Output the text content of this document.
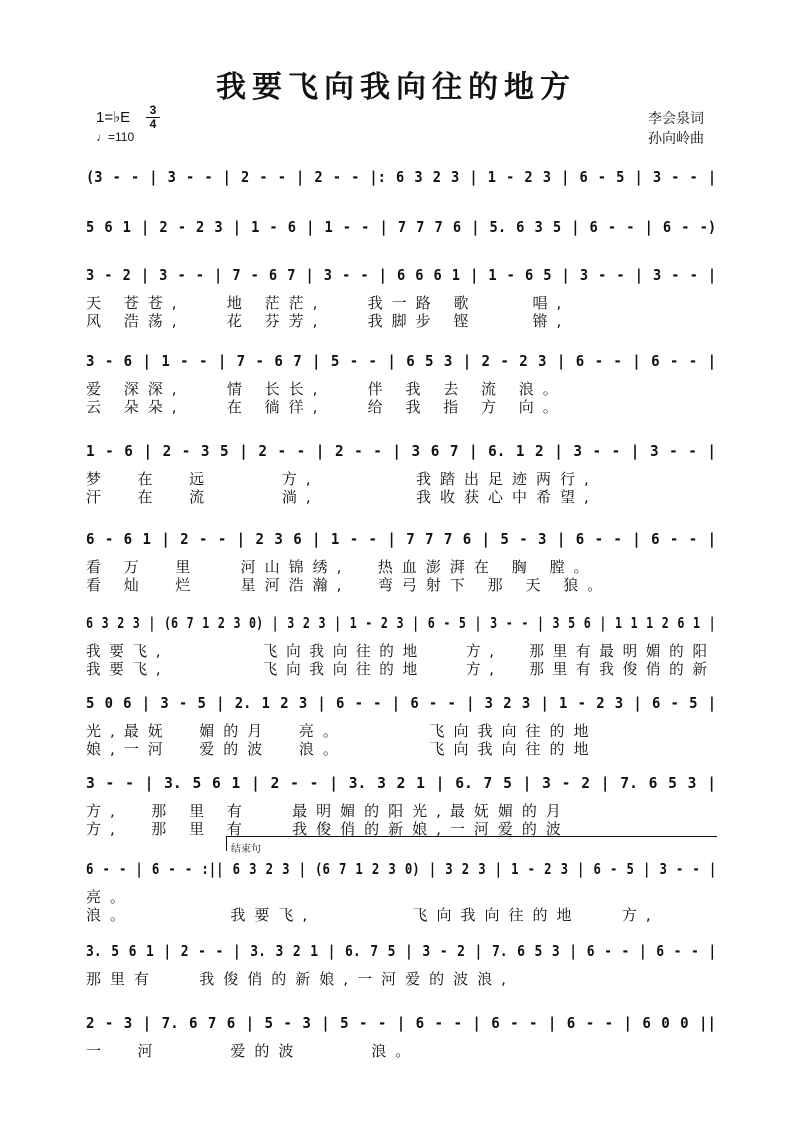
我要飞向我向往的地方
1=♭E	3
4
♩=110
李会泉词
孙向岭曲
(3 - - | 3 - - | 2 - - | 2 - - |: 6 3 2 3 | 1 - 2 3 | 6 - 5 | 3 - - |
5 6 1 | 2 - 2 3 | 1 - 6 | 1 - - | 7 7 7 6 | 5. 6 3 5 | 6 - - | 6 - -)
3 - 2 | 3 - - | 7 - 6 7 | 3 - - | 6 6 6 1 | 1 - 6 5 | 3 - - | 3 - - |
天 苍苍,   地 茫茫,   我一路 歌    唱,
风 浩荡,   花 芬芳,   我脚步 铿    锵,
3 - 6 | 1 - - | 7 - 6 7 | 5 - - | 6 5 3 | 2 - 2 3 | 6 - - | 6 - - |
爱 深深,   情 长长,   伴 我 去 流 浪。
云 朵朵,   在 徜徉,   给 我 指 方 向。
1 - 6 | 2 - 3 5 | 2 - - | 2 - - | 3 6 7 | 6. 1 2 | 3 - - | 3 - - |
梦  在  远     方,       我踏出足迹两行,
汗  在  流     淌,       我收获心中希望,
6 - 6 1 | 2 - - | 2 3 6 | 1 - - | 7 7 7 6 | 5 - 3 | 6 - - | 6 - - |
看 万  里   河山锦绣,  热血澎湃在 胸 膛。
看 灿  烂   星河浩瀚,  弯弓射下 那 天 狼。
6 3 2 3 | (6 7 1 2 3 0) | 3 2 3 | 1 - 2 3 | 6 - 5 | 3 - - | 3 5 6 | 1 1 1 2 6 1 |
我要飞,       飞向我向往的地   方,  那里有最明媚的阳
我要飞,       飞向我向往的地   方,  那里有我俊俏的新
5 0 6 | 3 - 5 | 2. 1 2 3 | 6 - - | 6 - - | 3 2 3 | 1 - 2 3 | 6 - 5 |
光,最妩  媚的月  亮。      飞向我向往的地
娘,一河  爱的波  浪。      飞向我向往的地
3 - - | 3. 5 6 1 | 2 - - | 3. 3 2 1 | 6. 7 5 | 3 - 2 | 7. 6 5 3 |
方,  那 里 有   最明媚的阳光,最妩媚的月
方,  那 里 有   我俊俏的新娘,一河爱的波
6 - - | 6 - - :|| 6 3 2 3 | (6 7 1 2 3 0) | 3 2 3 | 1 - 2 3 | 6 - 5 | 3 - - |
结束句
亮。
浪。       我要飞,       飞向我向往的地   方,
3. 5 6 1 | 2 - - | 3. 3 2 1 | 6. 7 5 | 3 - 2 | 7. 6 5 3 | 6 - - | 6 - - |
那里有   我俊俏的新娘,一河爱的波浪,
2 - 3 | 7. 6 7 6 | 5 - 3 | 5 - - | 6 - - | 6 - - | 6 - - | 6 0 0 ||
一  河     爱的波     浪。
